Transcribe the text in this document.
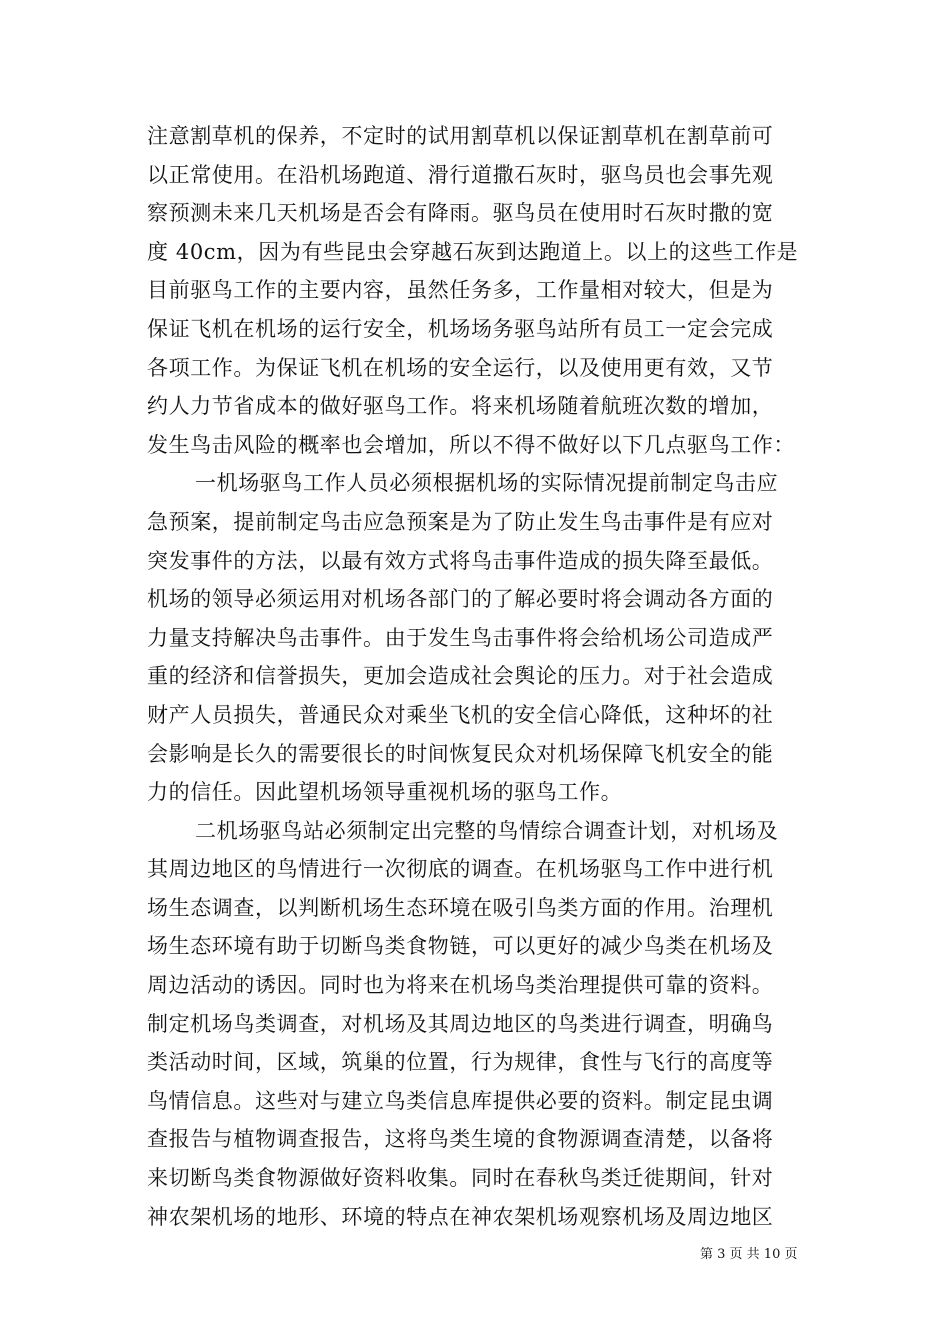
注意割草机的保养，不定时的试用割草机以保证割草机在割草前可
以正常使用。在沿机场跑道、滑行道撒石灰时，驱鸟员也会事先观
察预测未来几天机场是否会有降雨。驱鸟员在使用时石灰时撒的宽
度 40cm，因为有些昆虫会穿越石灰到达跑道上。以上的这些工作是
目前驱鸟工作的主要内容，虽然任务多，工作量相对较大，但是为
保证飞机在机场的运行安全，机场场务驱鸟站所有员工一定会完成
各项工作。为保证飞机在机场的安全运行，以及使用更有效，又节
约人力节省成本的做好驱鸟工作。将来机场随着航班次数的增加，
发生鸟击风险的概率也会增加，所以不得不做好以下几点驱鸟工作：
一机场驱鸟工作人员必须根据机场的实际情况提前制定鸟击应
急预案，提前制定鸟击应急预案是为了防止发生鸟击事件是有应对
突发事件的方法，以最有效方式将鸟击事件造成的损失降至最低。
机场的领导必须运用对机场各部门的了解必要时将会调动各方面的
力量支持解决鸟击事件。由于发生鸟击事件将会给机场公司造成严
重的经济和信誉损失，更加会造成社会舆论的压力。对于社会造成
财产人员损失，普通民众对乘坐飞机的安全信心降低，这种坏的社
会影响是长久的需要很长的时间恢复民众对机场保障飞机安全的能
力的信任。因此望机场领导重视机场的驱鸟工作。
二机场驱鸟站必须制定出完整的鸟情综合调查计划，对机场及
其周边地区的鸟情进行一次彻底的调查。在机场驱鸟工作中进行机
场生态调查，以判断机场生态环境在吸引鸟类方面的作用。治理机
场生态环境有助于切断鸟类食物链，可以更好的减少鸟类在机场及
周边活动的诱因。同时也为将来在机场鸟类治理提供可靠的资料。
制定机场鸟类调查，对机场及其周边地区的鸟类进行调查，明确鸟
类活动时间，区域，筑巢的位置，行为规律，食性与飞行的高度等
鸟情信息。这些对与建立鸟类信息库提供必要的资料。制定昆虫调
查报告与植物调查报告，这将鸟类生境的食物源调查清楚，以备将
来切断鸟类食物源做好资料收集。同时在春秋鸟类迁徙期间，针对
神农架机场的地形、环境的特点在神农架机场观察机场及周边地区
第 3 页 共 10 页
